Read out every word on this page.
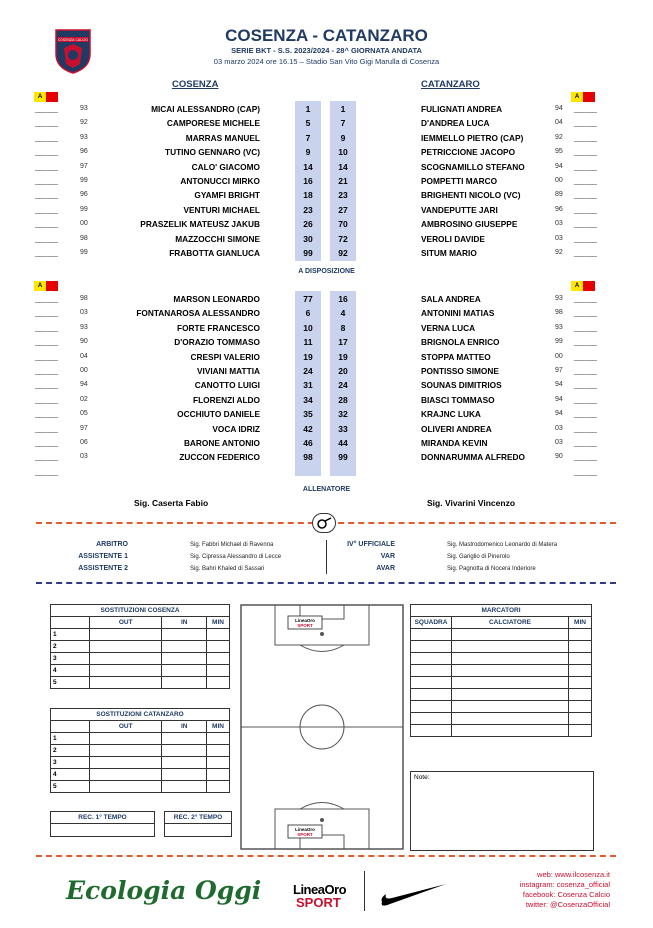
COSENZA CALCIO	COSENZA - CATANZARO
SERIE BKT - S.S. 2023/2024 - 28^ GIORNATA ANDATA
03 marzo 2024 ore 16.15 – Stadio San Vito Gigi Marulla di Cosenza
COSENZA	CATANZARO
A E	A E
A E	A E
___ ___	93	MICAI ALESSANDRO (CAP)	1	1	FULIGNATI ANDREA	94 ___ ___
___ ___	92	CAMPORESE MICHELE	5	7	D'ANDREA LUCA	04 ___ ___
___ ___	93	MARRAS MANUEL	7	9	IEMMELLO PIETRO (CAP)	92 ___ ___
___ ___	96	TUTINO GENNARO (VC)	9	10	PETRICCIONE JACOPO	95 ___ ___
___ ___	97	CALO' GIACOMO	14	14	SCOGNAMILLO STEFANO	94 ___ ___
___ ___	99	ANTONUCCI MIRKO	16	21	POMPETTI MARCO	00 ___ ___
___ ___	96	GYAMFI BRIGHT	18	23	BRIGHENTI NICOLO (VC)	89 ___ ___
___ ___	99	VENTURI MICHAEL	23	27	VANDEPUTTE JARI	96 ___ ___
___ ___	00	PRASZELIK MATEUSZ JAKUB	26	70	AMBROSINO GIUSEPPE	03 ___ ___
___ ___	98	MAZZOCCHI SIMONE	30	72	VEROLI DAVIDE	03 ___ ___
___ ___	99	FRABOTTA GIANLUCA	99	92	SITUM MARIO	92 ___ ___
A DISPOSIZIONE
___ ___	98	MARSON LEONARDO	77	16	SALA ANDREA	93 ___ ___
___ ___	03	FONTANAROSA ALESSANDRO	6	4	ANTONINI MATIAS	98 ___ ___
___ ___	93	FORTE FRANCESCO	10	8	VERNA LUCA	93 ___ ___
___ ___	90	D'ORAZIO TOMMASO	11	17	BRIGNOLA ENRICO	99 ___ ___
___ ___	04	CRESPI VALERIO	19	19	STOPPA MATTEO	00 ___ ___
___ ___	00	VIVIANI MATTIA	24	20	PONTISSO SIMONE	97 ___ ___
___ ___	94	CANOTTO LUIGI	31	24	SOUNAS DIMITRIOS	94 ___ ___
___ ___	02	FLORENZI ALDO	34	28	BIASCI TOMMASO	94 ___ ___
___ ___	05	OCCHIUTO DANIELE	35	32	KRAJNC LUKA	94 ___ ___
___ ___	97	VOCA IDRIZ	42	33	OLIVERI ANDREA	03 ___ ___
___ ___	06	BARONE ANTONIO	46	44	MIRANDA KEVIN	03 ___ ___
___ ___	03	ZUCCON FEDERICO	98	99	DONNARUMMA ALFREDO	90 ___ ___
___ ___	___ ___
ALLENATORE
Sig. Caserta Fabio	Sig. Vivarini Vincenzo
ARBITRO	Sig. Fabbri Michael di Ravenna
ASSISTENTE 1	Sig. Cipressa Alessandro di Lecce
ASSISTENTE 2	Sig. Bahri Khaled di Sassari
IV° UFFICIALE	Sig. Mastrodomenico Leonardo di Matera
VAR	Sig. Gariglio di Pinerolo
AVAR	Sig. Pagnotta di Nocera Inderiore
SOSTITUZIONI COSENZA			
	OUT	IN	MIN
1			
2			
3			
4			
5			
SOSTITUZIONI CATANZARO			
	OUT	IN	MIN
1			
2			
3			
4			
5			
REC. 1° TEMPO	REC. 2° TEMPO
LineaOro
SPORT
LineaOro
SPORT
MARCATORI		
SQUADRA	CALCIATORE	MIN

Note:
Ecologia Oggi LineaOro
SPORT
web: www.ilcosenza.it
instagram: cosenza_official
facebook: Cosenza Calcio
twitter: @CosenzaOfficial
